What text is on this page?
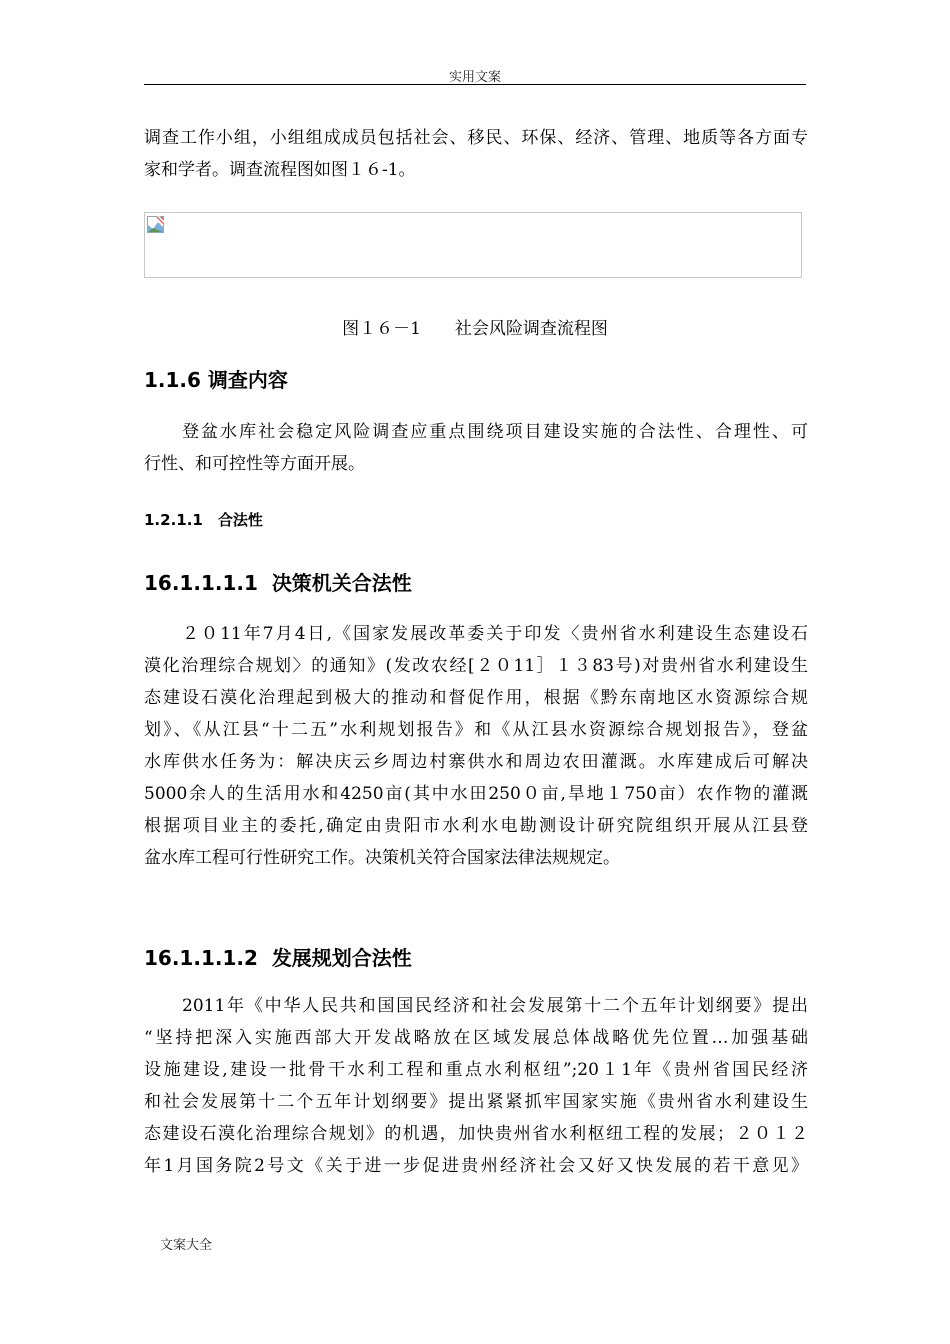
实用文案

调查工作小组，小组组成成员包括社会、移民、环保、经济、管理、地质等各方面专
家和学者。调查流程图如图１６-1。

图１６－1　　社会风险调查流程图
1.1.6 调查内容

登盆水库社会稳定风险调查应重点围绕项目建设实施的合法性、合理性、可
行性、和可控性等方面开展。

1.2.1.1　合法性
16.1.1.1.1  决策机关合法性

２０11年7月4日,《国家发展改革委关于印发〈贵州省水利建设生态建设石
漠化治理综合规划〉的通知》(发改农经[２０11］１３83号)对贵州省水利建设生
态建设石漠化治理起到极大的推动和督促作用，根据《黔东南地区水资源综合规
划》、《从江县“十二五”水利规划报告》和《从江县水资源综合规划报告》，登盆
水库供水任务为：解决庆云乡周边村寨供水和周边农田灌溉。水库建成后可解决
5000余人的生活用水和4250亩(其中水田250０亩,旱地１750亩）农作物的灌溉
根据项目业主的委托,确定由贵阳市水利水电勘测设计研究院组织开展从江县登
盆水库工程可行性研究工作。决策机关符合国家法律法规规定。

16.1.1.1.2  发展规划合法性

2011年《中华人民共和国国民经济和社会发展第十二个五年计划纲要》提出
“坚持把深入实施西部大开发战略放在区域发展总体战略优先位置…加强基础
设施建设,建设一批骨干水利工程和重点水利枢纽”;20１1年《贵州省国民经济
和社会发展第十二个五年计划纲要》提出紧紧抓牢国家实施《贵州省水利建设生
态建设石漠化治理综合规划》的机遇，加快贵州省水利枢纽工程的发展；２０１２
年1月国务院2号文《关于进一步促进贵州经济社会又好又快发展的若干意见》

文案大全
